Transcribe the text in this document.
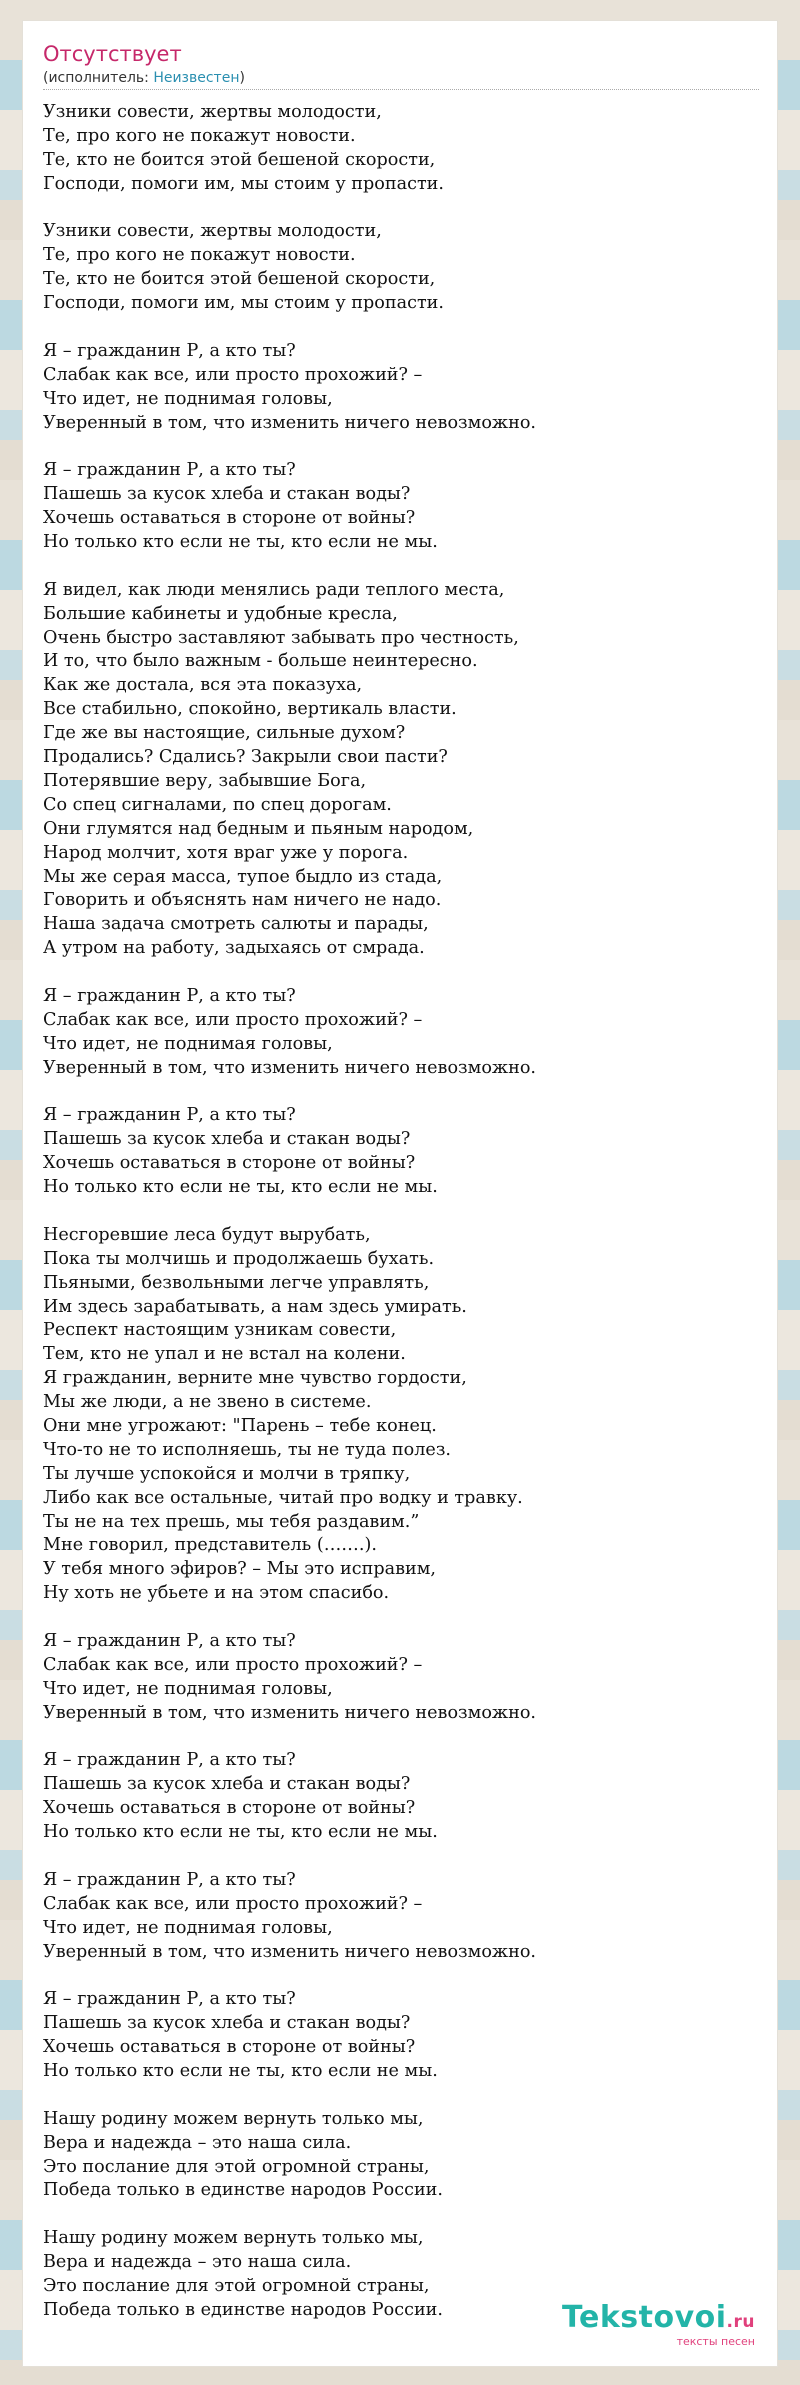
Отсутствует
(исполнитель: Неизвестен)
Узники совести, жертвы молодости,
Те, про кого не покажут новости.
Те, кто не боится этой бешеной скорости,
Господи, помоги им, мы стоим у пропасти.
Узники совести, жертвы молодости,
Те, про кого не покажут новости.
Те, кто не боится этой бешеной скорости,
Господи, помоги им, мы стоим у пропасти.
Я – гражданин Р, а кто ты?
Слабак как все, или просто прохожий? –
Что идет, не поднимая головы,
Уверенный в том, что изменить ничего невозможно.
Я – гражданин Р, а кто ты?
Пашешь за кусок хлеба и стакан воды?
Хочешь оставаться в стороне от войны?
Но только кто если не ты, кто если не мы.
Я видел, как люди менялись ради теплого места,
Большие кабинеты и удобные кресла,
Очень быстро заставляют забывать про честность,
И то, что было важным - больше неинтересно.
Как же достала, вся эта показуха,
Все стабильно, спокойно, вертикаль власти.
Где же вы настоящие, сильные духом?
Продались? Сдались? Закрыли свои пасти?
Потерявшие веру, забывшие Бога,
Со спец сигналами, по спец дорогам.
Они глумятся над бедным и пьяным народом,
Народ молчит, хотя враг уже у порога.
Мы же серая масса, тупое быдло из стада,
Говорить и объяснять нам ничего не надо.
Наша задача смотреть салюты и парады,
А утром на работу, задыхаясь от смрада.
Я – гражданин Р, а кто ты?
Слабак как все, или просто прохожий? –
Что идет, не поднимая головы,
Уверенный в том, что изменить ничего невозможно.
Я – гражданин Р, а кто ты?
Пашешь за кусок хлеба и стакан воды?
Хочешь оставаться в стороне от войны?
Но только кто если не ты, кто если не мы.
Несгоревшие леса будут вырубать,
Пока ты молчишь и продолжаешь бухать.
Пьяными, безвольными легче управлять,
Им здесь зарабатывать, а нам здесь умирать.
Респект настоящим узникам совести,
Тем, кто не упал и не встал на колени.
Я гражданин, верните мне чувство гордости,
Мы же люди, а не звено в системе.
Они мне угрожают: "Парень – тебе конец.
Что-то не то исполняешь, ты не туда полез.
Ты лучше успокойся и молчи в тряпку,
Либо как все остальные, читай про водку и травку.
Ты не на тех прешь, мы тебя раздавим.”
Мне говорил, представитель (…….).
У тебя много эфиров? – Мы это исправим,
Ну хоть не убьете и на этом спасибо.
Я – гражданин Р, а кто ты?
Слабак как все, или просто прохожий? –
Что идет, не поднимая головы,
Уверенный в том, что изменить ничего невозможно.
Я – гражданин Р, а кто ты?
Пашешь за кусок хлеба и стакан воды?
Хочешь оставаться в стороне от войны?
Но только кто если не ты, кто если не мы.
Я – гражданин Р, а кто ты?
Слабак как все, или просто прохожий? –
Что идет, не поднимая головы,
Уверенный в том, что изменить ничего невозможно.
Я – гражданин Р, а кто ты?
Пашешь за кусок хлеба и стакан воды?
Хочешь оставаться в стороне от войны?
Но только кто если не ты, кто если не мы.
Нашу родину можем вернуть только мы,
Вера и надежда – это наша сила.
Это послание для этой огромной страны,
Победа только в единстве народов России.
Нашу родину можем вернуть только мы,
Вера и надежда – это наша сила.
Это послание для этой огромной страны,
Победа только в единстве народов России.	Tekstovoi.ru
тексты песен
